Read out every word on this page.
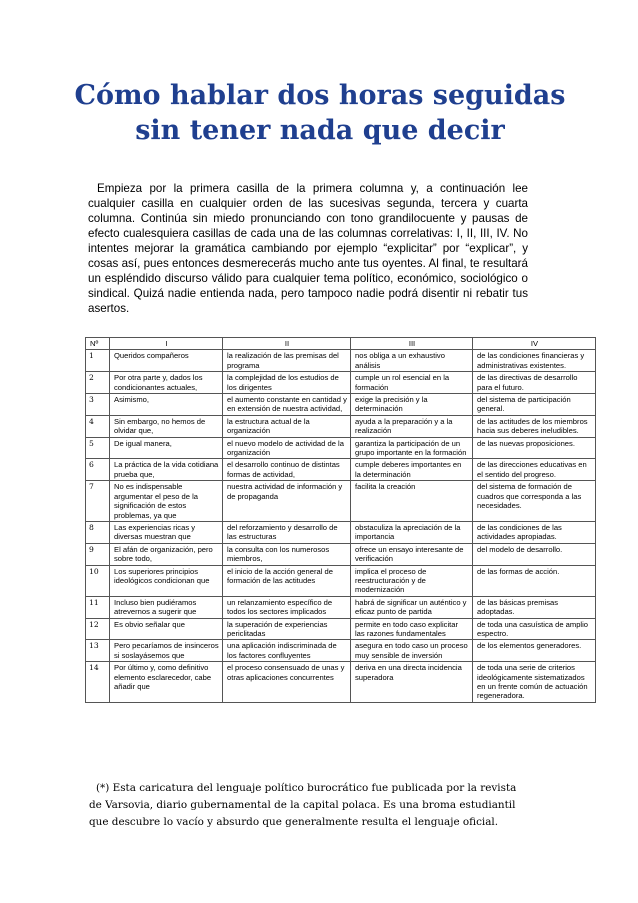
Cómo hablar dos horas seguidas
sin tener nada que decir

Empieza por la primera casilla de la primera columna y, a continuación lee cualquier casilla en cualquier orden de las sucesivas segunda, tercera y cuarta columna. Continúa sin miedo pronunciando con tono grandilocuente y pausas de efecto cualesquiera casillas de cada una de las columnas correlativas: I, II, III, IV. No intentes mejorar la gramática cambiando por ejemplo “explicitar” por “explicar”, y cosas así, pues entonces desmerecerás mucho ante tus oyentes. Al final, te resultará un espléndido discurso válido para cualquier tema político, económico, sociológico o sindical. Quizá nadie entienda nada, pero tampoco nadie podrá disentir ni rebatir tus asertos.

Nº	I	II	III	IV
1	Queridos compañeros	la realización de las premisas del programa	nos obliga a un exhaustivo análisis	de las condiciones financieras y administrativas existentes.
2	Por otra parte y, dados los condicionantes actuales,	la complejidad de los estudios de los dirigentes	cumple un rol esencial en la formación	de las directivas de desarrollo para el futuro.
3	Asimismo,	el aumento constante en cantidad y en extensión de nuestra actividad,	exige la precisión y la determinación	del sistema de participación general.
4	Sin embargo, no hemos de olvidar que,	la estructura actual de la organización	ayuda a la preparación y a la realización	de las actitudes de los miembros hacia sus deberes ineludibles.
5	De igual manera,	el nuevo modelo de actividad de la organización	garantiza la participación de un grupo importante en la formación	de las nuevas proposiciones.
6	La práctica de la vida cotidiana prueba que,	el desarrollo continuo de distintas formas de actividad,	cumple deberes importantes en la determinación	de las direcciones educativas en el sentido del progreso.
7	No es indispensable argumentar el peso de la significación de estos problemas, ya que	nuestra actividad de información y de propaganda	facilita la creación	del sistema de formación de cuadros que corresponda a las necesidades.
8	Las experiencias ricas y diversas muestran que	del reforzamiento y desarrollo de las estructuras	obstaculiza la apreciación de la importancia	de las condiciones de las actividades apropiadas.
9	El afán de organización, pero sobre todo,	la consulta con los numerosos miembros,	ofrece un ensayo interesante de verificación	del modelo de desarrollo.
10	Los superiores principios ideológicos condicionan que	el inicio de la acción general de formación de las actitudes	implica el proceso de reestructuración y de modernización	de las formas de acción.
11	Incluso bien pudiéramos atrevernos a sugerir que	un relanzamiento específico de todos los sectores implicados	habrá de significar un auténtico y eficaz punto de partida	de las básicas premisas adoptadas.
12	Es obvio señalar que	la superación de experiencias periclitadas	permite en todo caso explicitar las razones fundamentales	de toda una casuística de amplio espectro.
13	Pero pecaríamos de insinceros si soslayásemos que	una aplicación indiscriminada de los factores confluyentes	asegura en todo caso un proceso muy sensible de inversión	de los elementos generadores.
14	Por último y, como definitivo elemento esclarecedor, cabe añadir que	el proceso consensuado de unas y otras aplicaciones concurrentes	deriva en una directa incidencia superadora	de toda una serie de criterios ideológicamente sistematizados en un frente común de actuación regeneradora.

(*) Esta caricatura del lenguaje político burocrático fue publicada por la revista de Varsovia, diario gubernamental de la capital polaca. Es una broma estudiantil que descubre lo vacío y absurdo que generalmente resulta el lenguaje oficial.
